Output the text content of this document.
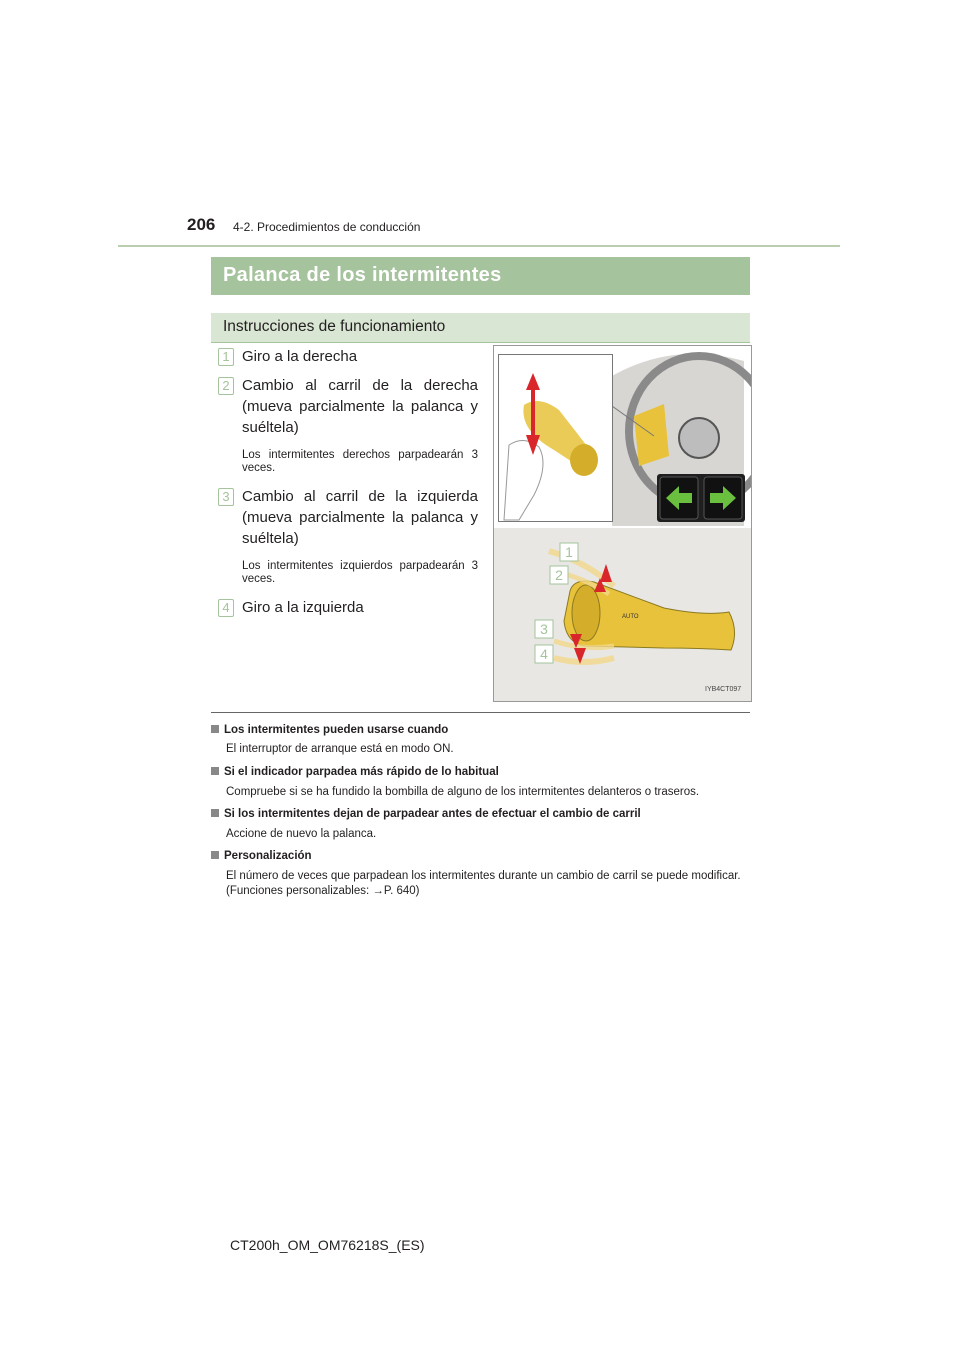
206 4-2. Procedimientos de conducción
Palanca de los intermitentes
Instrucciones de funcionamiento
1 Giro a la derecha
2 Cambio al carril de la derecha (mueva parcialmente la palanca y suéltela)
Los intermitentes derechos parpadearán 3 veces.
3 Cambio al carril de la izquierda (mueva parcialmente la palanca y suéltela)
Los intermitentes izquierdos parpadearán 3 veces.
4 Giro a la izquierda
AUTO
1
2
3
4
IYB4CT097
Los intermitentes pueden usarse cuando
El interruptor de arranque está en modo ON.
Si el indicador parpadea más rápido de lo habitual
Compruebe si se ha fundido la bombilla de alguno de los intermitentes delanteros o traseros.
Si los intermitentes dejan de parpadear antes de efectuar el cambio de carril
Accione de nuevo la palanca.
Personalización
El número de veces que parpadean los intermitentes durante un cambio de carril se puede modificar. (Funciones personalizables: →P. 640)
CT200h_OM_OM76218S_(ES)
